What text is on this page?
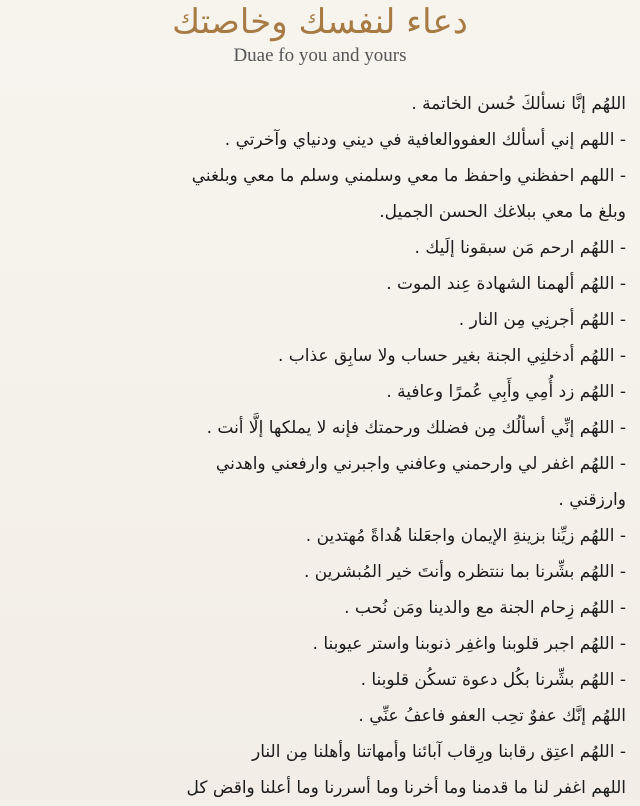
دعاء لنفسك وخاصتك
Duae fo you and yours
اللهُم إنَّا نسألكَ حُسن الخاتمة .
- اللهم إني أسألك العفووالعافية في ديني ودنياي وآخرتي .
- اللهم احفظني واحفظ ما معي وسلمني وسلم ما معي وبلغني
وبلغ ما معي ببلاغك الحسن الجميل.
- اللهُم ارحم مَن سبقونا إلَيك .
- اللهُم ألهمنا الشهادة عِند الموت .
- اللهُم أجرنِي مِن النار .
- اللهُم أدخلنِي الجنة بغير حساب ولا سابِق عذاب .
- اللهُم زد أُمِي وأَبِي عُمرًا وعافية .
- اللهُم إنِّي أسألُك مِن فضلك ورحمتك فإنه لا يملكها إلَّا أنت .
- اللهُم اغفر لي وارحمني وعافني واجبرني وارفعني واهدني
وارزقني .
- اللهُم زيِّنا بزينةِ الإيمان واجعَلنا هُداةً مُهتدين .
- اللهُم بشِّرنا بما ننتظره وأنتَ خير المُبشرين .
- اللهُم زِحام الجنة مع والدينا ومَن نُحب .
- اللهُم اجبر قلوبنا واغفِر ذنوبنا واستر عيوبنا .
- اللهُم بشِّرنا بكُل دعوة تسكُن قلوبنا .
اللهُم إنَّك عفوٌ تحِب العفو فاعفُ عنِّي .
- اللهُم اعتِق رقابنا ورِقاب آبائنا وأمهاتنا وأهلنا مِن النار
اللهم اغفر لنا ما قدمنا وما أخرنا وما أسررنا وما أعلنا واقض كل
